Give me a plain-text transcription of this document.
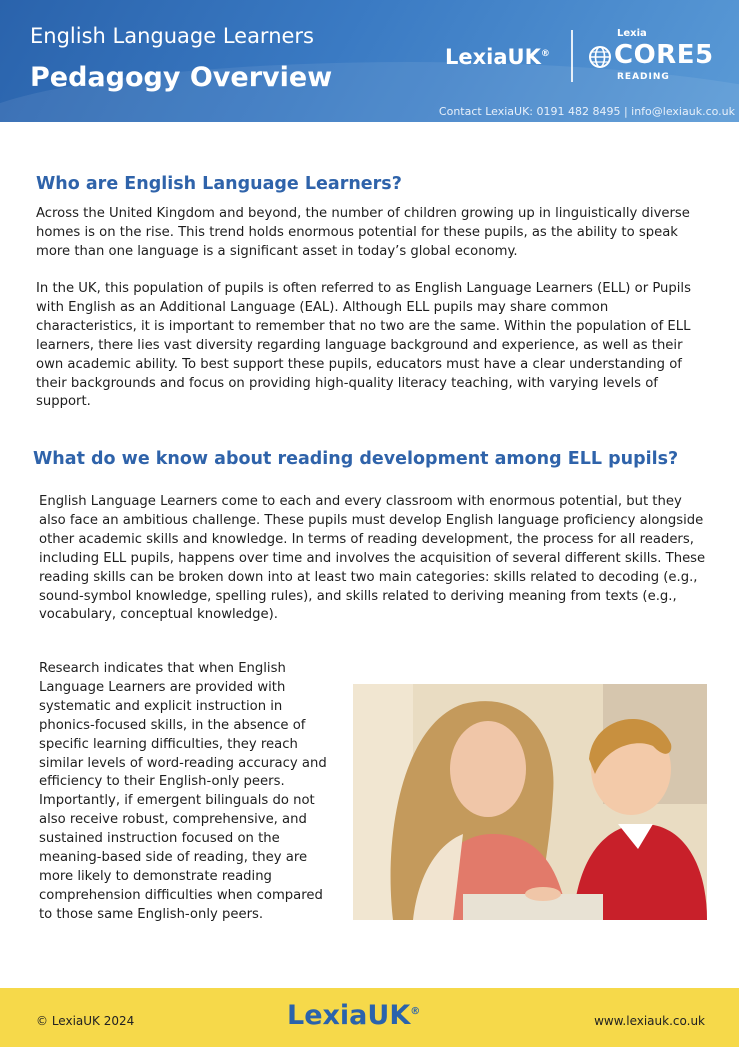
English Language Learners
Pedagogy Overview
LexiaUK®
Lexia
CORE5
READING
Contact LexiaUK: 0191 482 8495 | info@lexiauk.co.uk
Who are English Language Learners?

Across the United Kingdom and beyond, the number of children growing up in linguistically diverse homes is on the rise. This trend holds enormous potential for these pupils, as the ability to speak more than one language is a significant asset in today’s global economy.

In the UK, this population of pupils is often referred to as English Language Learners (ELL) or Pupils with English as an Additional Language (EAL). Although ELL pupils may share common characteristics, it is important to remember that no two are the same. Within the population of ELL learners, there lies vast diversity regarding language background and experience, as well as their own academic ability. To best support these pupils, educators must have a clear understanding of their backgrounds and focus on providing high-quality literacy teaching, with varying levels of support.

What do we know about reading development among ELL pupils?

English Language Learners come to each and every classroom with enormous potential, but they also face an ambitious challenge. These pupils must develop English language proficiency alongside other academic skills and knowledge. In terms of reading development, the process for all readers, including ELL pupils, happens over time and involves the acquisition of several different skills. These reading skills can be broken down into at least two main categories: skills related to decoding (e.g., sound-symbol knowledge, spelling rules), and skills related to deriving meaning from texts (e.g., vocabulary, conceptual knowledge).

Research indicates that when English Language Learners are provided with systematic and explicit instruction in phonics-focused skills, in the absence of specific learning difficulties, they reach similar levels of word-reading accuracy and efficiency to their English-only peers. Importantly, if emergent bilinguals do not also receive robust, comprehensive, and sustained instruction focused on the meaning-based side of reading, they are more likely to demonstrate reading comprehension difficulties when compared to those same English-only peers.

© LexiaUK 2024	LexiaUK®
www.lexiauk.co.uk
